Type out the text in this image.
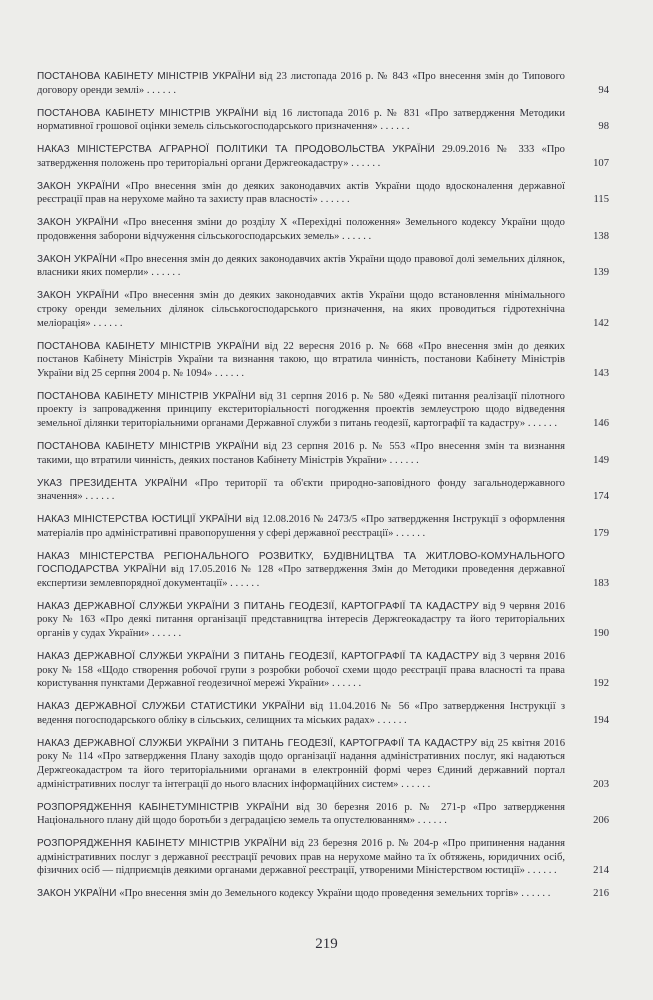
ПОСТАНОВА КАБІНЕТУ МІНІСТРІВ УКРАЇНИ від 23 листопада 2016 р. № 843 «Про внесення змін до Типового договору оренди землі» . . . . . .	94
ПОСТАНОВА КАБІНЕТУ МІНІСТРІВ УКРАЇНИ від 16 листопада 2016 р. № 831 «Про затвердження Методики нормативної грошової оцінки земель сільськогосподарського призначення» . . . . . .	98
НАКАЗ МІНІСТЕРСТВА АГРАРНОЇ ПОЛІТИКИ ТА ПРОДОВОЛЬСТВА УКРАЇНИ 29.09.2016 № 333 «Про затвердження положень про територіальні органи Держгеокадастру» . . . . . .	107
ЗАКОН УКРАЇНИ «Про внесення змін до деяких законодавчих актів України щодо вдосконалення державної реєстрації прав на нерухоме майно та захисту прав власності» . . . . . .	115
ЗАКОН УКРАЇНИ «Про внесення зміни до розділу X «Перехідні положення» Земельного кодексу України щодо продовження заборони відчуження сільськогосподарських земель» . . . . . .	138
ЗАКОН УКРАЇНИ «Про внесення змін до деяких законодавчих актів України щодо правової долі земельних ділянок, власники яких померли» . . . . . .	139
ЗАКОН УКРАЇНИ «Про внесення змін до деяких законодавчих актів України щодо встановлення мінімального строку оренди земельних ділянок сільськогосподарського призначення, на яких проводиться гідротехнічна меліорація» . . . . . .	142
ПОСТАНОВА КАБІНЕТУ МІНІСТРІВ УКРАЇНИ від 22 вересня 2016 р. № 668 «Про внесення змін до деяких постанов Кабінету Міністрів України та визнання такою, що втратила чинність, постанови Кабінету Міністрів України від 25 серпня 2004 р. № 1094» . . . . . .	143
ПОСТАНОВА КАБІНЕТУ МІНІСТРІВ УКРАЇНИ від 31 серпня 2016 р. № 580 «Деякі питання реалізації пілотного проекту із запровадження принципу екстериторіальності погодження проектів землеустрою щодо відведення земельної ділянки територіальними органами Державної служби з питань геодезії, картографії та кадастру» . . . . . .	146
ПОСТАНОВА КАБІНЕТУ МІНІСТРІВ УКРАЇНИ від 23 серпня 2016 р. № 553 «Про внесення змін та визнання такими, що втратили чинність, деяких постанов Кабінету Міністрів України» . . . . . .	149
УКАЗ ПРЕЗИДЕНТА УКРАЇНИ «Про території та об'єкти природно-заповідного фонду загальнодержавного значення» . . . . . .	174
НАКАЗ МІНІСТЕРСТВА ЮСТИЦІЇ УКРАЇНИ від 12.08.2016 № 2473/5 «Про затвердження Інструкції з оформлення матеріалів про адміністративні правопорушення у сфері державної реєстрації» . . . . . .	179
НАКАЗ МІНІСТЕРСТВА РЕГІОНАЛЬНОГО РОЗВИТКУ, БУДІВНИЦТВА ТА ЖИТЛОВО-КОМУНАЛЬНОГО ГОСПОДАРСТВА УКРАЇНИ від 17.05.2016 № 128 «Про затвердження Змін до Методики проведення державної експертизи землевпорядної документації» . . . . . .	183
НАКАЗ ДЕРЖАВНОЇ СЛУЖБИ УКРАЇНИ З ПИТАНЬ ГЕОДЕЗІЇ, КАРТОГРАФІЇ ТА КАДАСТРУ від 9 червня 2016 року № 163 «Про деякі питання організації представництва інтересів Держгеокадастру та його територіальних органів у судах України» . . . . . .	190
НАКАЗ ДЕРЖАВНОЇ СЛУЖБИ УКРАЇНИ З ПИТАНЬ ГЕОДЕЗІЇ, КАРТОГРАФІЇ ТА КАДАСТРУ від 3 червня 2016 року № 158 «Щодо створення робочої групи з розробки робочої схеми щодо реєстрації права власності та права користування пунктами Державної геодезичної мережі України» . . . . . .	192
НАКАЗ ДЕРЖАВНОЇ СЛУЖБИ СТАТИСТИКИ УКРАЇНИ від 11.04.2016 № 56 «Про затвердження Інструкції з ведення погосподарського обліку в сільських, селищних та міських радах» . . . . . .	194
НАКАЗ ДЕРЖАВНОЇ СЛУЖБИ УКРАЇНИ З ПИТАНЬ ГЕОДЕЗІЇ, КАРТОГРАФІЇ ТА КАДАСТРУ від 25 квітня 2016 року № 114 «Про затвердження Плану заходів щодо організації надання адміністративних послуг, які надаються Держгеокадастром та його територіальними органами в електронній формі через Єдиний державний портал адміністративних послуг та інтеграції до нього власних інформаційних систем» . . . . . .	203
РОЗПОРЯДЖЕННЯ КАБІНЕТУМІНІСТРІВ УКРАЇНИ від 30 березня 2016 р. № 271-р «Про затвердження Національного плану дій щодо боротьби з деградацією земель та опустелюванням» . . . . . .	206
РОЗПОРЯДЖЕННЯ КАБІНЕТУ МІНІСТРІВ УКРАЇНИ від 23 березня 2016 р. № 204-р «Про припинення надання адміністративних послуг з державної реєстрації речових прав на нерухоме майно та їх обтяжень, юридичних осіб, фізичних осіб — підприємців деякими органами державної реєстрації, утвореними Міністерством юстиції» . . . . . .	214
ЗАКОН УКРАЇНИ «Про внесення змін до Земельного кодексу України щодо проведення земельних торгів» . . . . . .	216
219
